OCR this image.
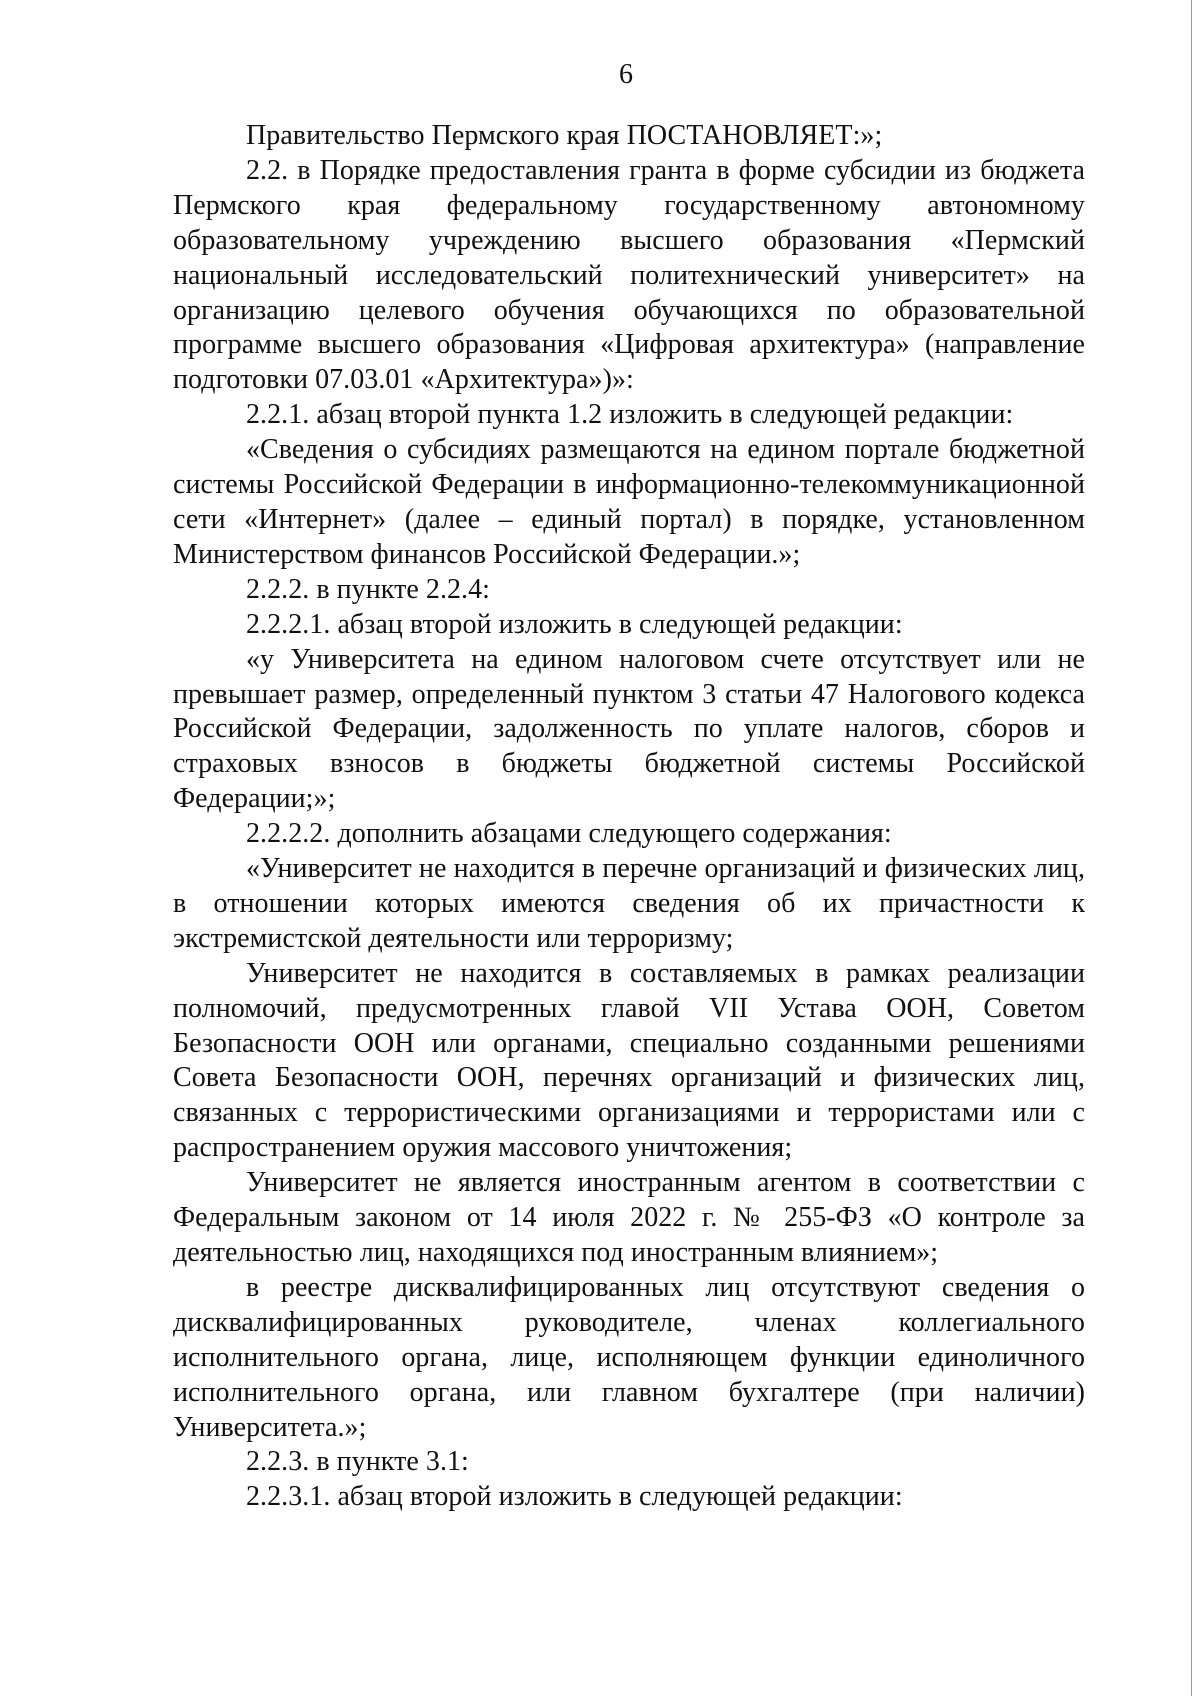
6

Правительство Пермского края ПОСТАНОВЛЯЕТ:»;

2.2. в Порядке предоставления гранта в форме субсидии из бюджета Пермского края федеральному государственному автономному образовательному учреждению высшего образования «Пермский национальный исследовательский политехнический университет» на организацию целевого обучения обучающихся по образовательной программе высшего образования «Цифровая архитектура» (направление подготовки 07.03.01 «Архитектура»)»:

2.2.1. абзац второй пункта 1.2 изложить в следующей редакции:

«Сведения о субсидиях размещаются на едином портале бюджетной системы Российской Федерации в информационно-телекоммуникационной сети «Интернет» (далее – единый портал) в порядке, установленном Министерством финансов Российской Федерации.»;

2.2.2. в пункте 2.2.4:

2.2.2.1. абзац второй изложить в следующей редакции:

«у Университета на едином налоговом счете отсутствует или не превышает размер, определенный пунктом 3 статьи 47 Налогового кодекса Российской Федерации, задолженность по уплате налогов, сборов и страховых взносов в бюджеты бюджетной системы Российской Федерации;»;

2.2.2.2. дополнить абзацами следующего содержания:

«Университет не находится в перечне организаций и физических лиц, в отношении которых имеются сведения об их причастности к экстремистской деятельности или терроризму;

Университет не находится в составляемых в рамках реализации полномочий, предусмотренных главой VII Устава ООН, Советом Безопасности ООН или органами, специально созданными решениями Совета Безопасности ООН, перечнях организаций и физических лиц, связанных с террористическими организациями и террористами или с распространением оружия массового уничтожения;

Университет не является иностранным агентом в соответствии с Федеральным законом от 14 июля 2022 г. № 255-ФЗ «О контроле за деятельностью лиц, находящихся под иностранным влиянием»;

в реестре дисквалифицированных лиц отсутствуют сведения о дисквалифицированных руководителе, членах коллегиального исполнительного органа, лице, исполняющем функции единоличного исполнительного органа, или главном бухгалтере (при наличии) Университета.»;

2.2.3. в пункте 3.1:

2.2.3.1. абзац второй изложить в следующей редакции:
